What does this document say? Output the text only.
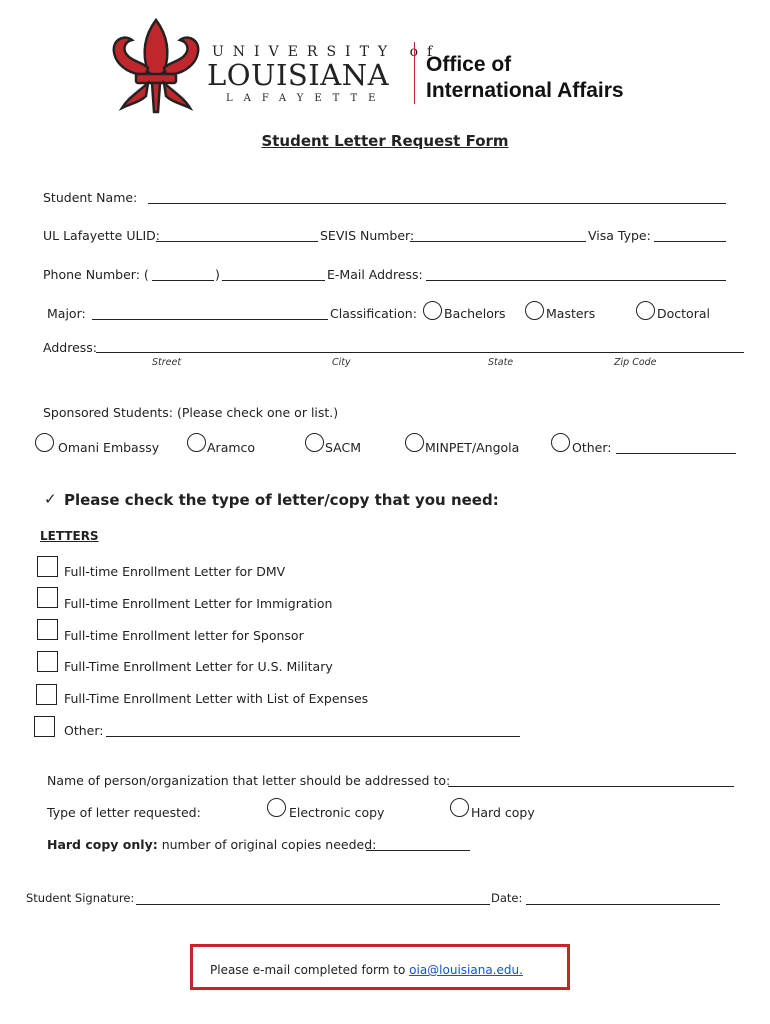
UNIVERSITY of
LOUISIANA
LAFAYETTE
Office of
International Affairs
Student Letter Request Form
Student Name:
UL Lafayette ULID:	SEVIS Number:	Visa Type:
Phone Number: (	)	E-Mail Address:
Major:	Classification: Bachelors	Masters	Doctoral
Address:
Street	City	State	Zip Code
Sponsored Students: (Please check one or list.)
Omani Embassy	Aramco	SACM	MINPET/Angola	Other:
✓ Please check the type of letter/copy that you need:
LETTERS
Full-time Enrollment Letter for DMV
Full-time Enrollment Letter for Immigration
Full-time Enrollment letter for Sponsor
Full-Time Enrollment Letter for U.S. Military
Full-Time Enrollment Letter with List of Expenses
Other:
Name of person/organization that letter should be addressed to:
Type of letter requested:	Electronic copy	Hard copy
Hard copy only: number of original copies needed:
Student Signature:	Date:
Please e-mail completed form to oia@louisiana.edu.
